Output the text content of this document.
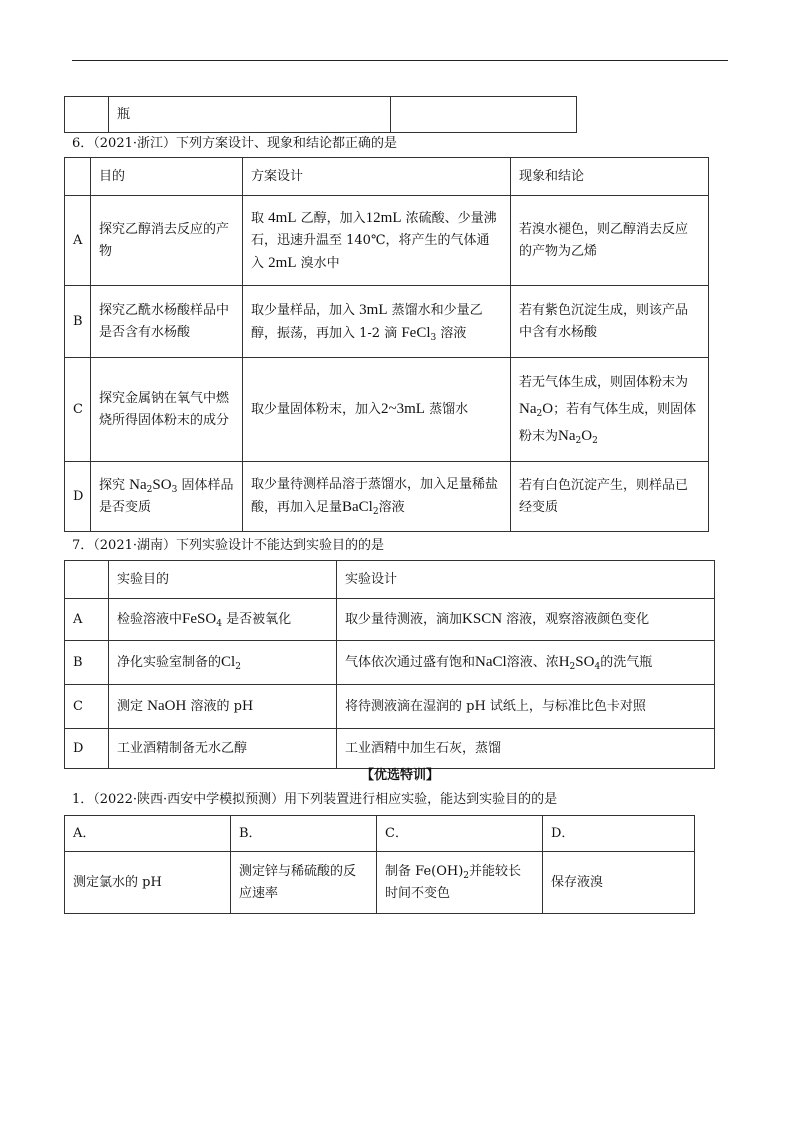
	瓶	
6．（2021·浙江）下列方案设计、现象和结论都正确的是
	目的	方案设计	现象和结论
A	探究乙醇消去反应的产物	取 4mL 乙醇，加入12mL 浓硫酸、少量沸石，迅速升温至 140℃，将产生的气体通入 2mL 溴水中	若溴水褪色，则乙醇消去反应的产物为乙烯
B	探究乙酰水杨酸样品中是否含有水杨酸	取少量样品，加入 3mL 蒸馏水和少量乙醇，振荡，再加入 1-2 滴 FeCl$_3$ 溶液	若有紫色沉淀生成，则该产品中含有水杨酸
C	探究金属钠在氧气中燃烧所得固体粉末的成分	取少量固体粉末，加入2~3mL 蒸馏水	若无气体生成，则固体粉末为
$Na_2O$；若有气体生成，则固体粉末为$Na_2O_2$
D	探究 $Na_2SO_3$ 固体样品是否变质	取少量待测样品溶于蒸馏水，加入足量稀盐酸，再加入足量BaCl$_2$溶液	若有白色沉淀产生，则样品已经变质
7．（2021·湖南）下列实验设计不能达到实验目的的是
	实验目的	实验设计
A	检验溶液中FeSO$_4$ 是否被氧化	取少量待测液，滴加KSCN 溶液，观察溶液颜色变化
B	净化实验室制备的$Cl_2$	气体依次通过盛有饱和NaCl溶液、浓$H_2SO_4$的洗气瓶
C	测定 NaOH 溶液的 pH	将待测液滴在湿润的 pH 试纸上，与标准比色卡对照
D	工业酒精制备无水乙醇	工业酒精中加生石灰，蒸馏
【优选特训】
1．（2022·陕西·西安中学模拟预测）用下列装置进行相应实验，能达到实验目的的是
A．	B．	C．	D．
测定氯水的 pH	测定锌与稀硫酸的反应速率	制备 $Fe(OH)_2$并能较长时间不变色	保存液溴
